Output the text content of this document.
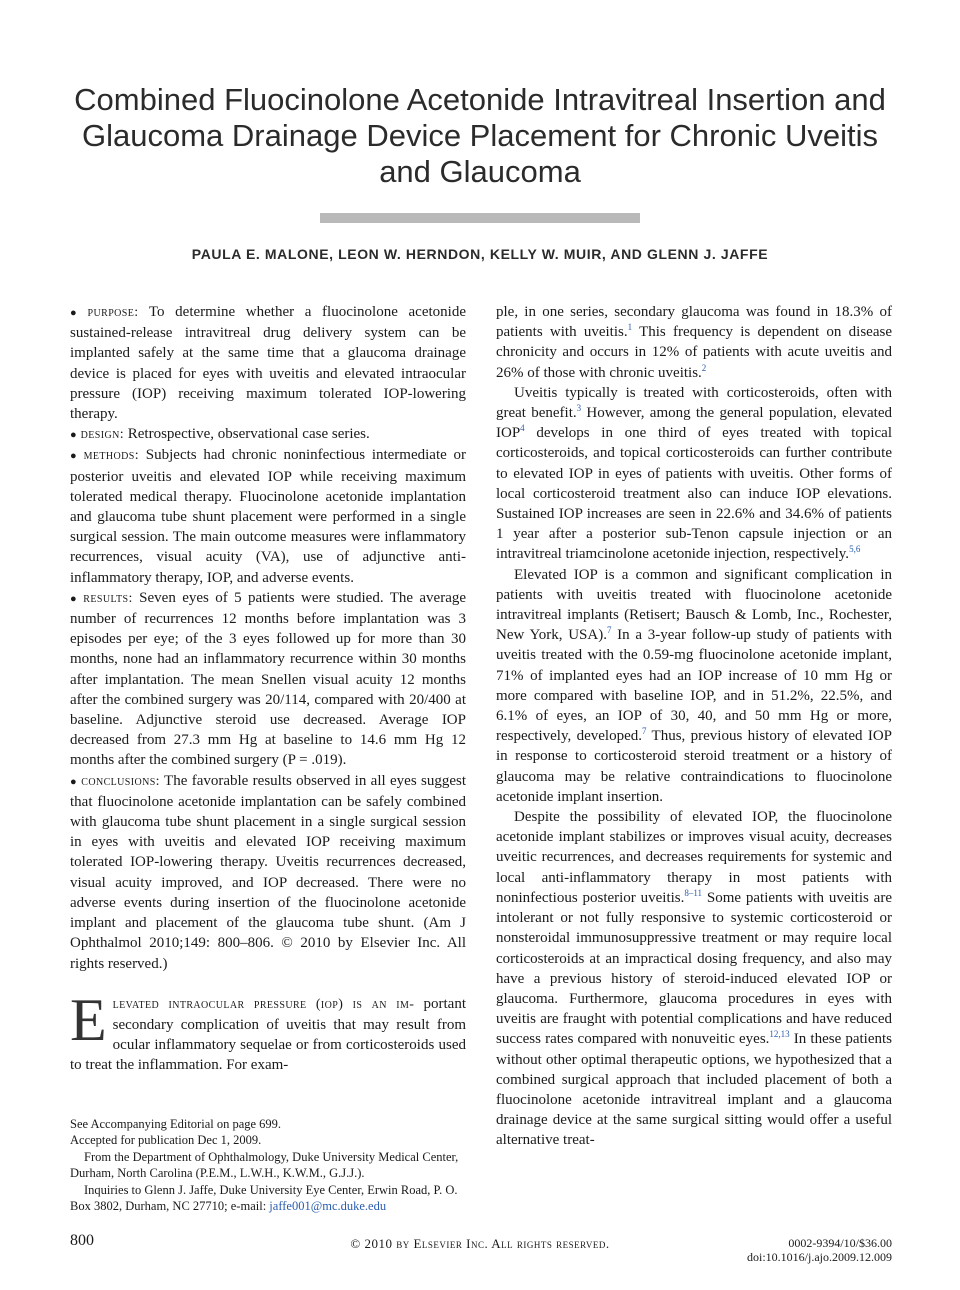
Combined Fluocinolone Acetonide Intravitreal Insertion and Glaucoma Drainage Device Placement for Chronic Uveitis and Glaucoma
PAULA E. MALONE, LEON W. HERNDON, KELLY W. MUIR, AND GLENN J. JAFFE

● purpose: To determine whether a fluocinolone acetonide sustained-release intravitreal drug delivery system can be implanted safely at the same time that a glaucoma drainage device is placed for eyes with uveitis and elevated intraocular pressure (IOP) receiving maximum tolerated IOP-lowering therapy.

● design: Retrospective, observational case series.

● methods: Subjects had chronic noninfectious intermediate or posterior uveitis and elevated IOP while receiving maximum tolerated medical therapy. Fluocinolone acetonide implantation and glaucoma tube shunt placement were performed in a single surgical session. The main outcome measures were inflammatory recurrences, visual acuity (VA), use of adjunctive anti-inflammatory therapy, IOP, and adverse events.

● results: Seven eyes of 5 patients were studied. The average number of recurrences 12 months before implantation was 3 episodes per eye; of the 3 eyes followed up for more than 30 months, none had an inflammatory recurrence within 30 months after implantation. The mean Snellen visual acuity 12 months after the combined surgery was 20/114, compared with 20/400 at baseline. Adjunctive steroid use decreased. Average IOP decreased from 27.3 mm Hg at baseline to 14.6 mm Hg 12 months after the combined surgery (P = .019).

● conclusions: The favorable results observed in all eyes suggest that fluocinolone acetonide implantation can be safely combined with glaucoma tube shunt placement in a single surgical session in eyes with uveitis and elevated IOP receiving maximum tolerated IOP-lowering therapy. Uveitis recurrences decreased, visual acuity improved, and IOP decreased. There were no adverse events during insertion of the fluocinolone acetonide implant and placement of the glaucoma tube shunt. (Am J Ophthalmol 2010;149: 800–806. © 2010 by Elsevier Inc. All rights reserved.)

Elevated intraocular pressure (iop) is an im- portant secondary complication of uveitis that may result from ocular inflammatory sequelae or from corticosteroids used to treat the inflammation. For exam-

ple, in one series, secondary glaucoma was found in 18.3% of patients with uveitis.$^1$ This frequency is dependent on disease chronicity and occurs in 12% of patients with acute uveitis and 26% of those with chronic uveitis.$^2$

Uveitis typically is treated with corticosteroids, often with great benefit.$^3$ However, among the general population, elevated IOP$^4$ develops in one third of eyes treated with topical corticosteroids, and topical corticosteroids can further contribute to elevated IOP in eyes of patients with uveitis. Other forms of local corticosteroid treatment also can induce IOP elevations. Sustained IOP increases are seen in 22.6% and 34.6% of patients 1 year after a posterior sub-Tenon capsule injection or an intravitreal triamcinolone acetonide injection, respectively.$^{5,6}$

Elevated IOP is a common and significant complication in patients with uveitis treated with fluocinolone acetonide intravitreal implants (Retisert; Bausch & Lomb, Inc., Rochester, New York, USA).$^7$ In a 3-year follow-up study of patients with uveitis treated with the 0.59-mg fluocinolone acetonide implant, 71% of implanted eyes had an IOP increase of 10 mm Hg or more compared with baseline IOP, and in 51.2%, 22.5%, and 6.1% of eyes, an IOP of 30, 40, and 50 mm Hg or more, respectively, developed.$^7$ Thus, previous history of elevated IOP in response to corticosteroid steroid treatment or a history of glaucoma may be relative contraindications to fluocinolone acetonide implant insertion.

Despite the possibility of elevated IOP, the fluocinolone acetonide implant stabilizes or improves visual acuity, decreases uveitic recurrences, and decreases requirements for systemic and local anti-inflammatory therapy in most patients with noninfectious posterior uveitis.$^{8-11}$ Some patients with uveitis are intolerant or not fully responsive to systemic corticosteroid or nonsteroidal immunosuppressive treatment or may require local corticosteroids at an impractical dosing frequency, and also may have a previous history of steroid-induced elevated IOP or glaucoma. Furthermore, glaucoma procedures in eyes with uveitis are fraught with potential complications and have reduced success rates compared with nonuveitic eyes.$^{12,13}$ In these patients without other optimal therapeutic options, we hypothesized that a combined surgical approach that included placement of both a fluocinolone acetonide intravitreal implant and a glaucoma drainage device at the same surgical sitting would offer a useful alternative treat-

See Accompanying Editorial on page 699.

Accepted for publication Dec 1, 2009.

From the Department of Ophthalmology, Duke University Medical Center, Durham, North Carolina (P.E.M., L.W.H., K.W.M., G.J.J.).

Inquiries to Glenn J. Jaffe, Duke University Eye Center, Erwin Road, P. O. Box 3802, Durham, NC 27710; e-mail: jaffe001@mc.duke.edu

800	© 2010 by Elsevier Inc. All rights reserved.	0002-9394/10/$36.00
doi:10.1016/j.ajo.2009.12.009
